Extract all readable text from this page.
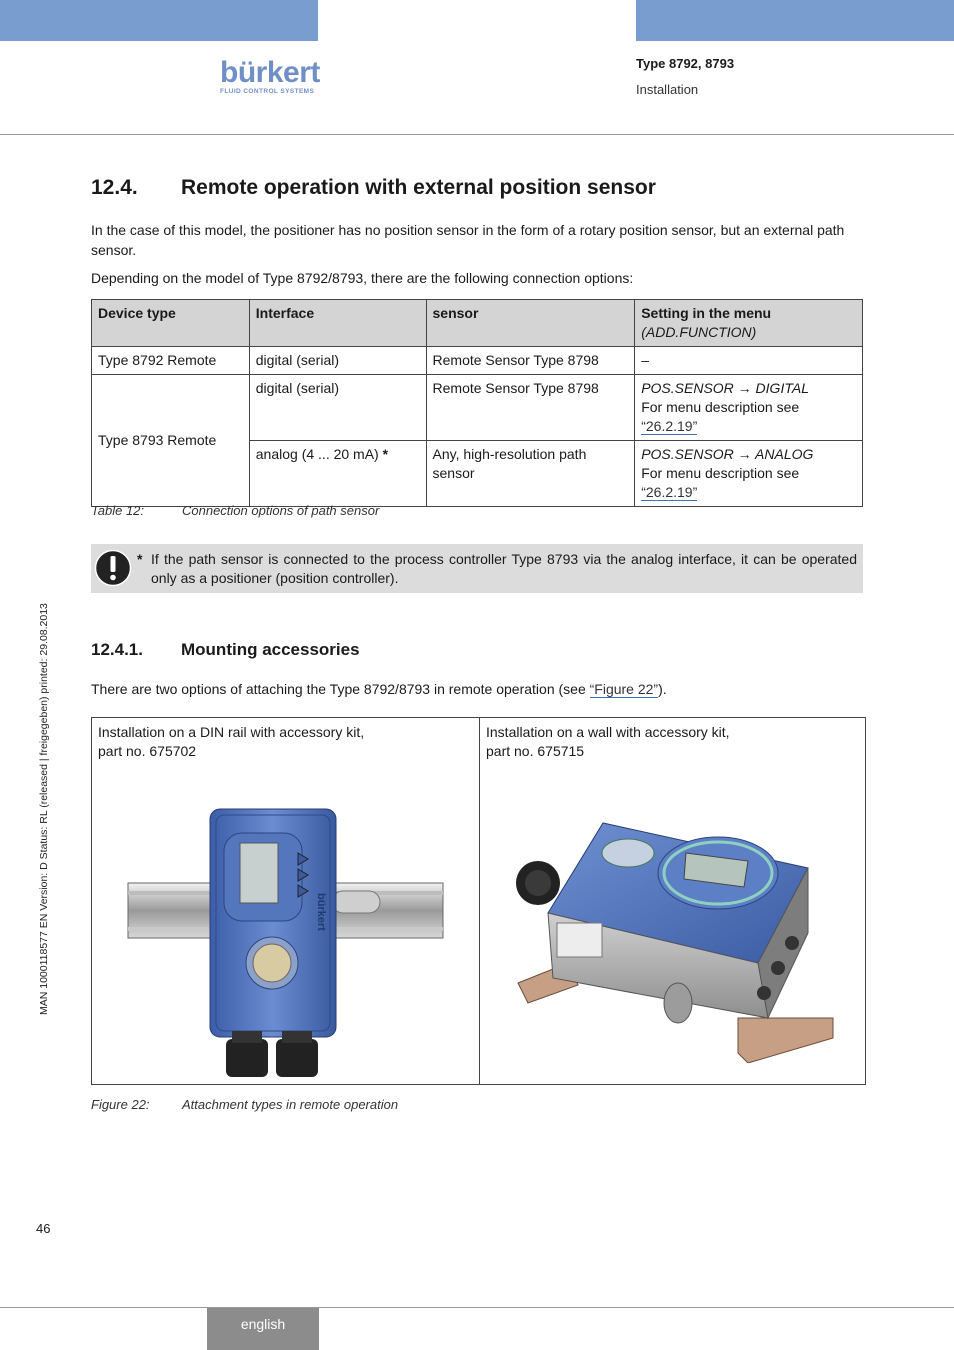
bürkert
FLUID CONTROL SYSTEMS
Type 8792, 8793
Installation
12.4. Remote operation with external position sensor
In the case of this model, the positioner has no position sensor in the form of a rotary position sensor, but an external path sensor.
Depending on the model of Type 8792/8793, there are the following connection options:
Device type	Interface	sensor	Setting in the menu
(ADD.FUNCTION)

Type 8792 Remote	digital (serial)	Remote Sensor Type 8798	–
Type 8793 Remote	digital (serial)	Remote Sensor Type 8798	POS.SENSOR → DIGITAL
For menu description see
“26.2.19”
	analog (4 ... 20 mA) *	Any, high-resolution path sensor	POS.SENSOR → ANALOG
For menu description see
“26.2.19”
Table 12:	Connection options of path sensor
* If the path sensor is connected to the process controller Type 8793 via the analog interface, it can be operated only as a positioner (position controller).
12.4.1. Mounting accessories
There are two options of attaching the Type 8792/8793 in remote operation (see “Figure 22”).
Installation on a DIN rail with accessory kit,
part no. 675702
bürkert
Installation on a wall with accessory kit,
part no. 675715
Figure 22: Attachment types in remote operation
MAN 1000118577 EN Version: D Status: RL (released | freigegeben) printed: 29.08.2013
46
english
